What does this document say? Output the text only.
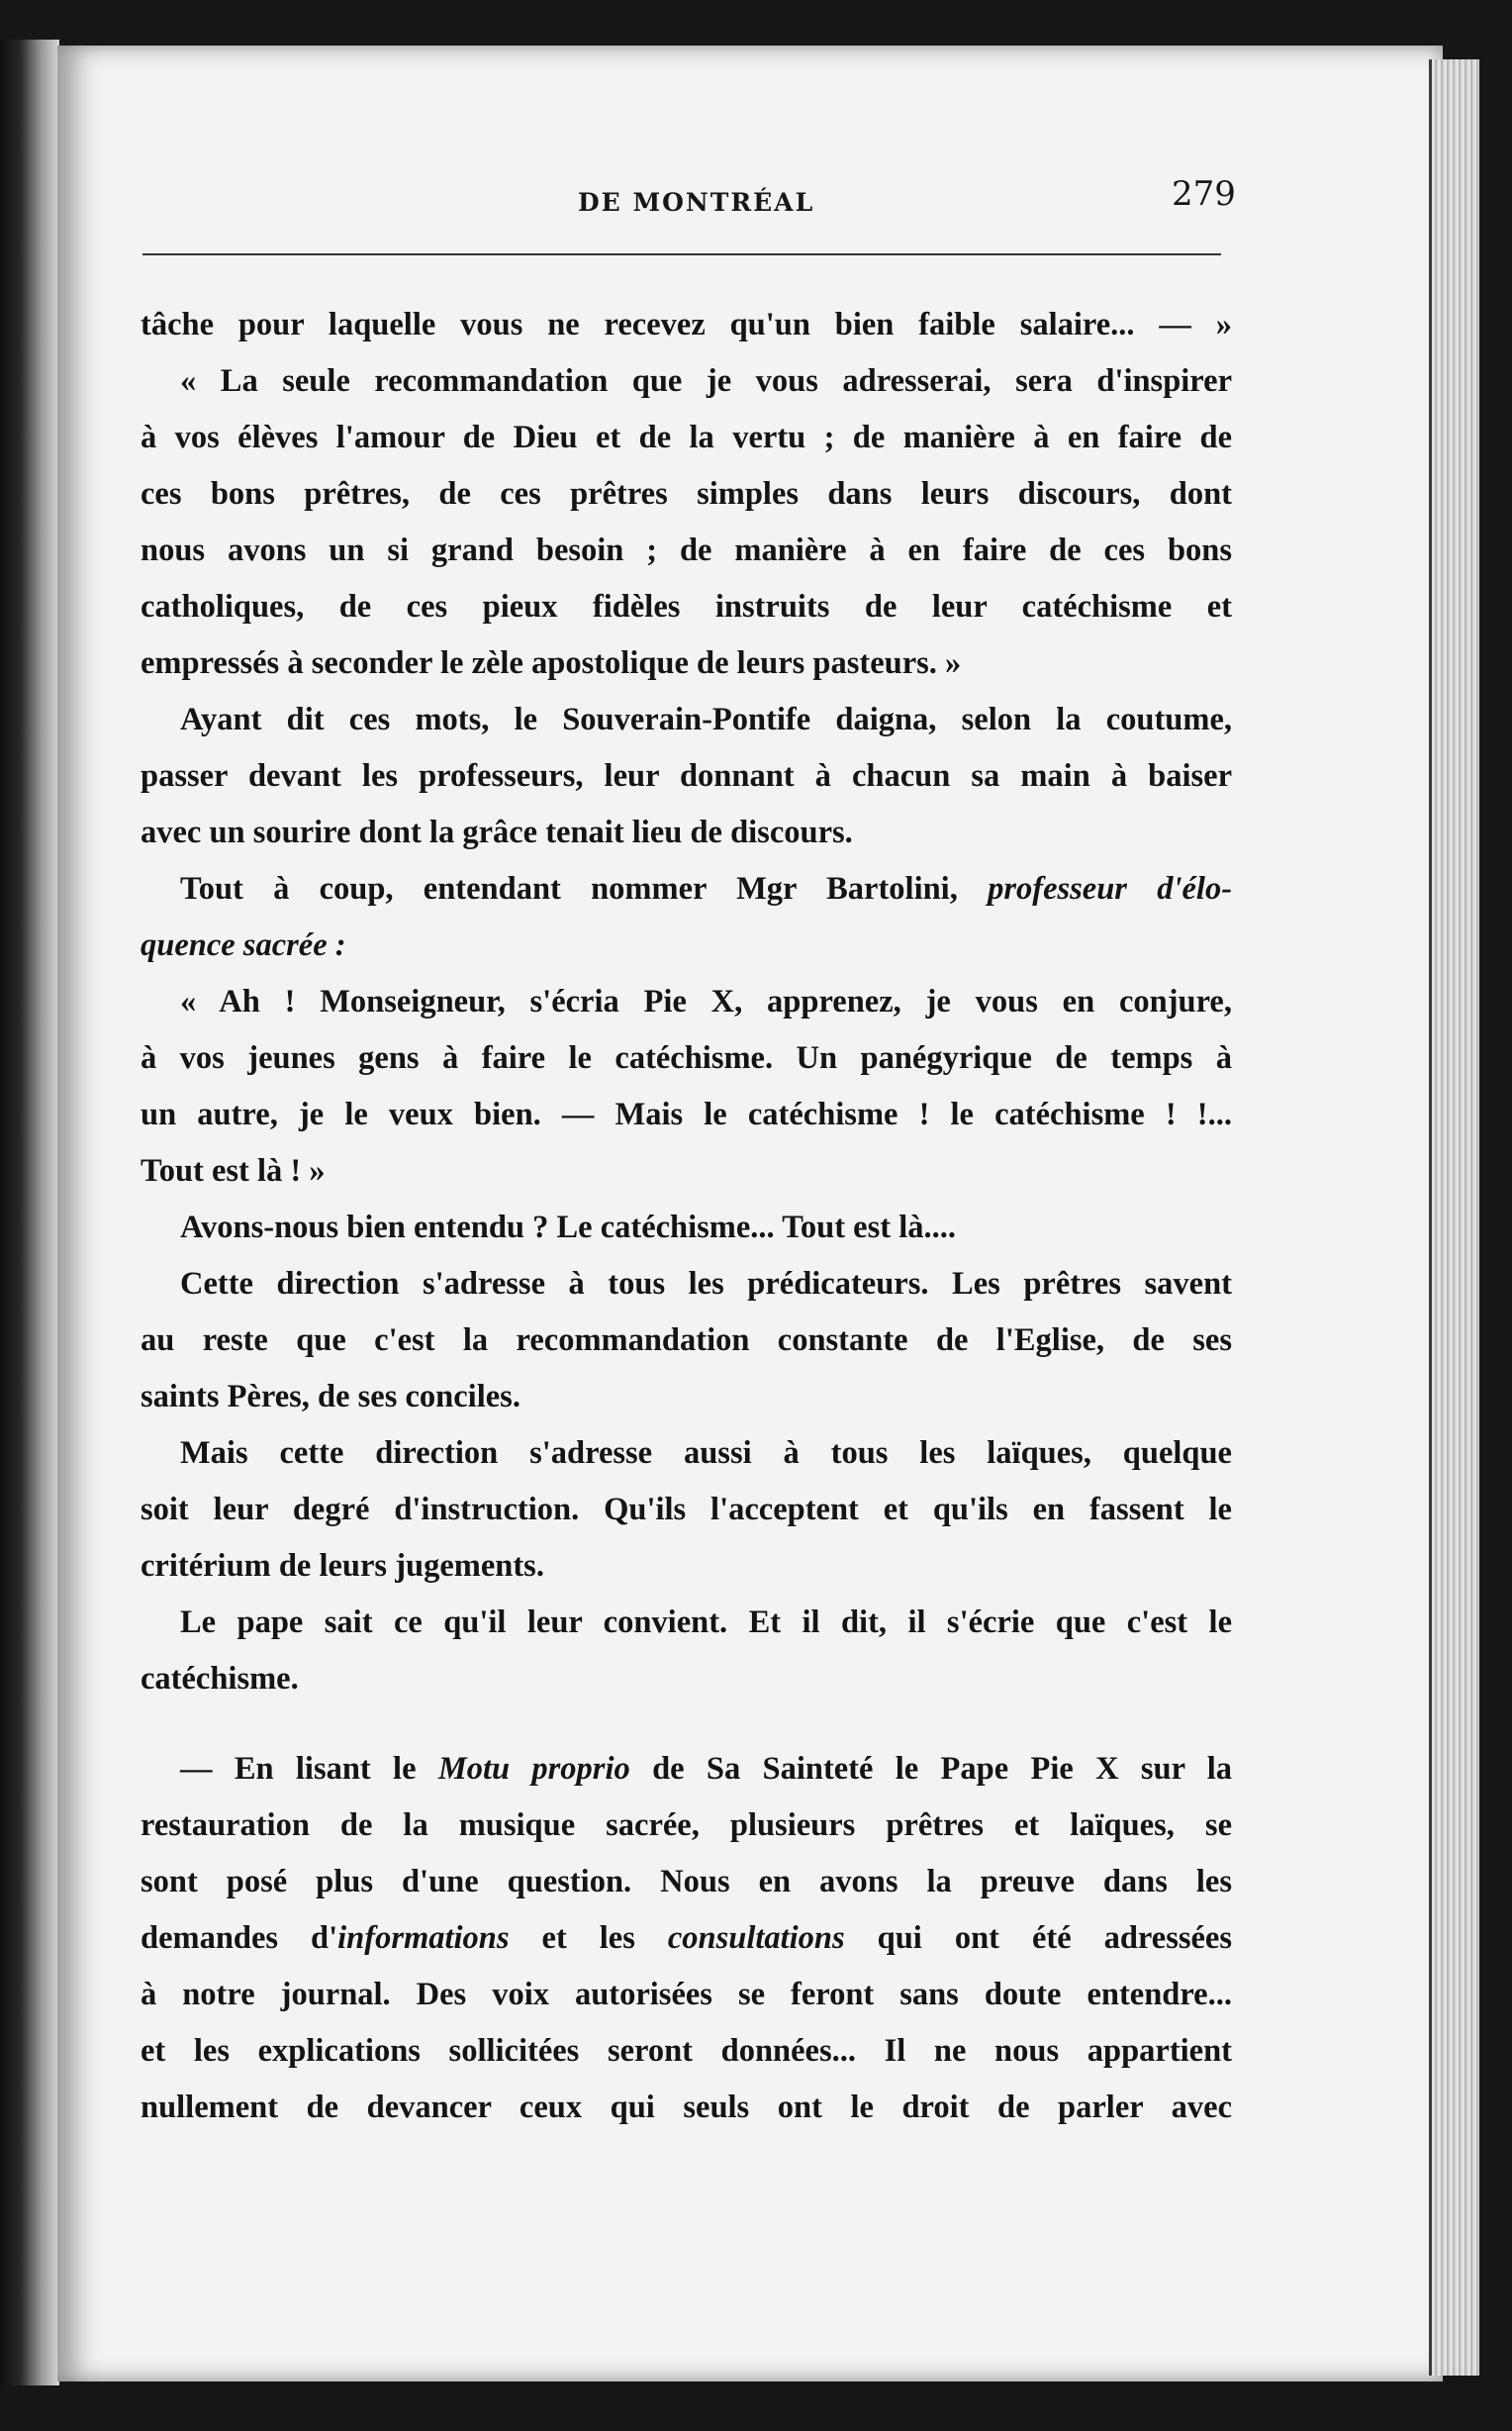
DE MONTRÉAL	279
tâche pour laquelle vous ne recevez qu'un bien faible salaire... — »
« La seule recommandation que je vous adresserai, sera d'inspirer
à vos élèves l'amour de Dieu et de la vertu ; de manière à en faire de
ces bons prêtres, de ces prêtres simples dans leurs discours, dont
nous avons un si grand besoin ; de manière à en faire de ces bons
catholiques, de ces pieux fidèles instruits de leur catéchisme et
empressés à seconder le zèle apostolique de leurs pasteurs. »
Ayant dit ces mots, le Souverain-Pontife daigna, selon la coutume,
passer devant les professeurs, leur donnant à chacun sa main à baiser
avec un sourire dont la grâce tenait lieu de discours.
Tout à coup, entendant nommer Mgr Bartolini, professeur d'élo-
quence sacrée :
« Ah ! Monseigneur, s'écria Pie X, apprenez, je vous en conjure,
à vos jeunes gens à faire le catéchisme. Un panégyrique de temps à
un autre, je le veux bien. — Mais le catéchisme ! le catéchisme ! !...
Tout est là ! »
Avons-nous bien entendu ? Le catéchisme... Tout est là....
Cette direction s'adresse à tous les prédicateurs. Les prêtres savent
au reste que c'est la recommandation constante de l'Eglise, de ses
saints Pères, de ses conciles.
Mais cette direction s'adresse aussi à tous les laïques, quelque
soit leur degré d'instruction. Qu'ils l'acceptent et qu'ils en fassent le
critérium de leurs jugements.
Le pape sait ce qu'il leur convient. Et il dit, il s'écrie que c'est le
catéchisme.
— En lisant le Motu proprio de Sa Sainteté le Pape Pie X sur la
restauration de la musique sacrée, plusieurs prêtres et laïques, se
sont posé plus d'une question. Nous en avons la preuve dans les
demandes d'informations et les consultations qui ont été adressées
à notre journal. Des voix autorisées se feront sans doute entendre...
et les explications sollicitées seront données... Il ne nous appartient
nullement de devancer ceux qui seuls ont le droit de parler avec
